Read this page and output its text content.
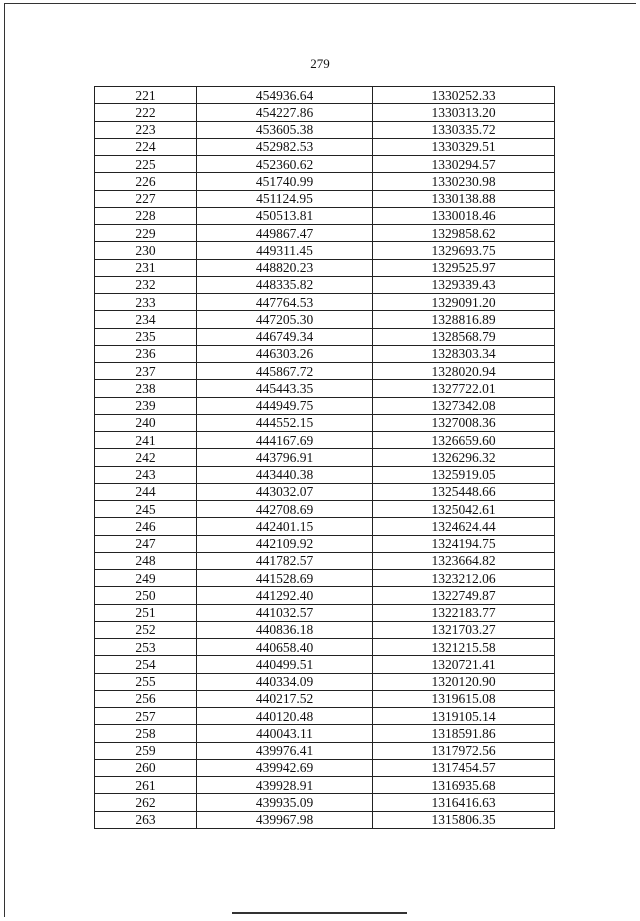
279
221	454936.64	1330252.33
222	454227.86	1330313.20
223	453605.38	1330335.72
224	452982.53	1330329.51
225	452360.62	1330294.57
226	451740.99	1330230.98
227	451124.95	1330138.88
228	450513.81	1330018.46
229	449867.47	1329858.62
230	449311.45	1329693.75
231	448820.23	1329525.97
232	448335.82	1329339.43
233	447764.53	1329091.20
234	447205.30	1328816.89
235	446749.34	1328568.79
236	446303.26	1328303.34
237	445867.72	1328020.94
238	445443.35	1327722.01
239	444949.75	1327342.08
240	444552.15	1327008.36
241	444167.69	1326659.60
242	443796.91	1326296.32
243	443440.38	1325919.05
244	443032.07	1325448.66
245	442708.69	1325042.61
246	442401.15	1324624.44
247	442109.92	1324194.75
248	441782.57	1323664.82
249	441528.69	1323212.06
250	441292.40	1322749.87
251	441032.57	1322183.77
252	440836.18	1321703.27
253	440658.40	1321215.58
254	440499.51	1320721.41
255	440334.09	1320120.90
256	440217.52	1319615.08
257	440120.48	1319105.14
258	440043.11	1318591.86
259	439976.41	1317972.56
260	439942.69	1317454.57
261	439928.91	1316935.68
262	439935.09	1316416.63
263	439967.98	1315806.35
